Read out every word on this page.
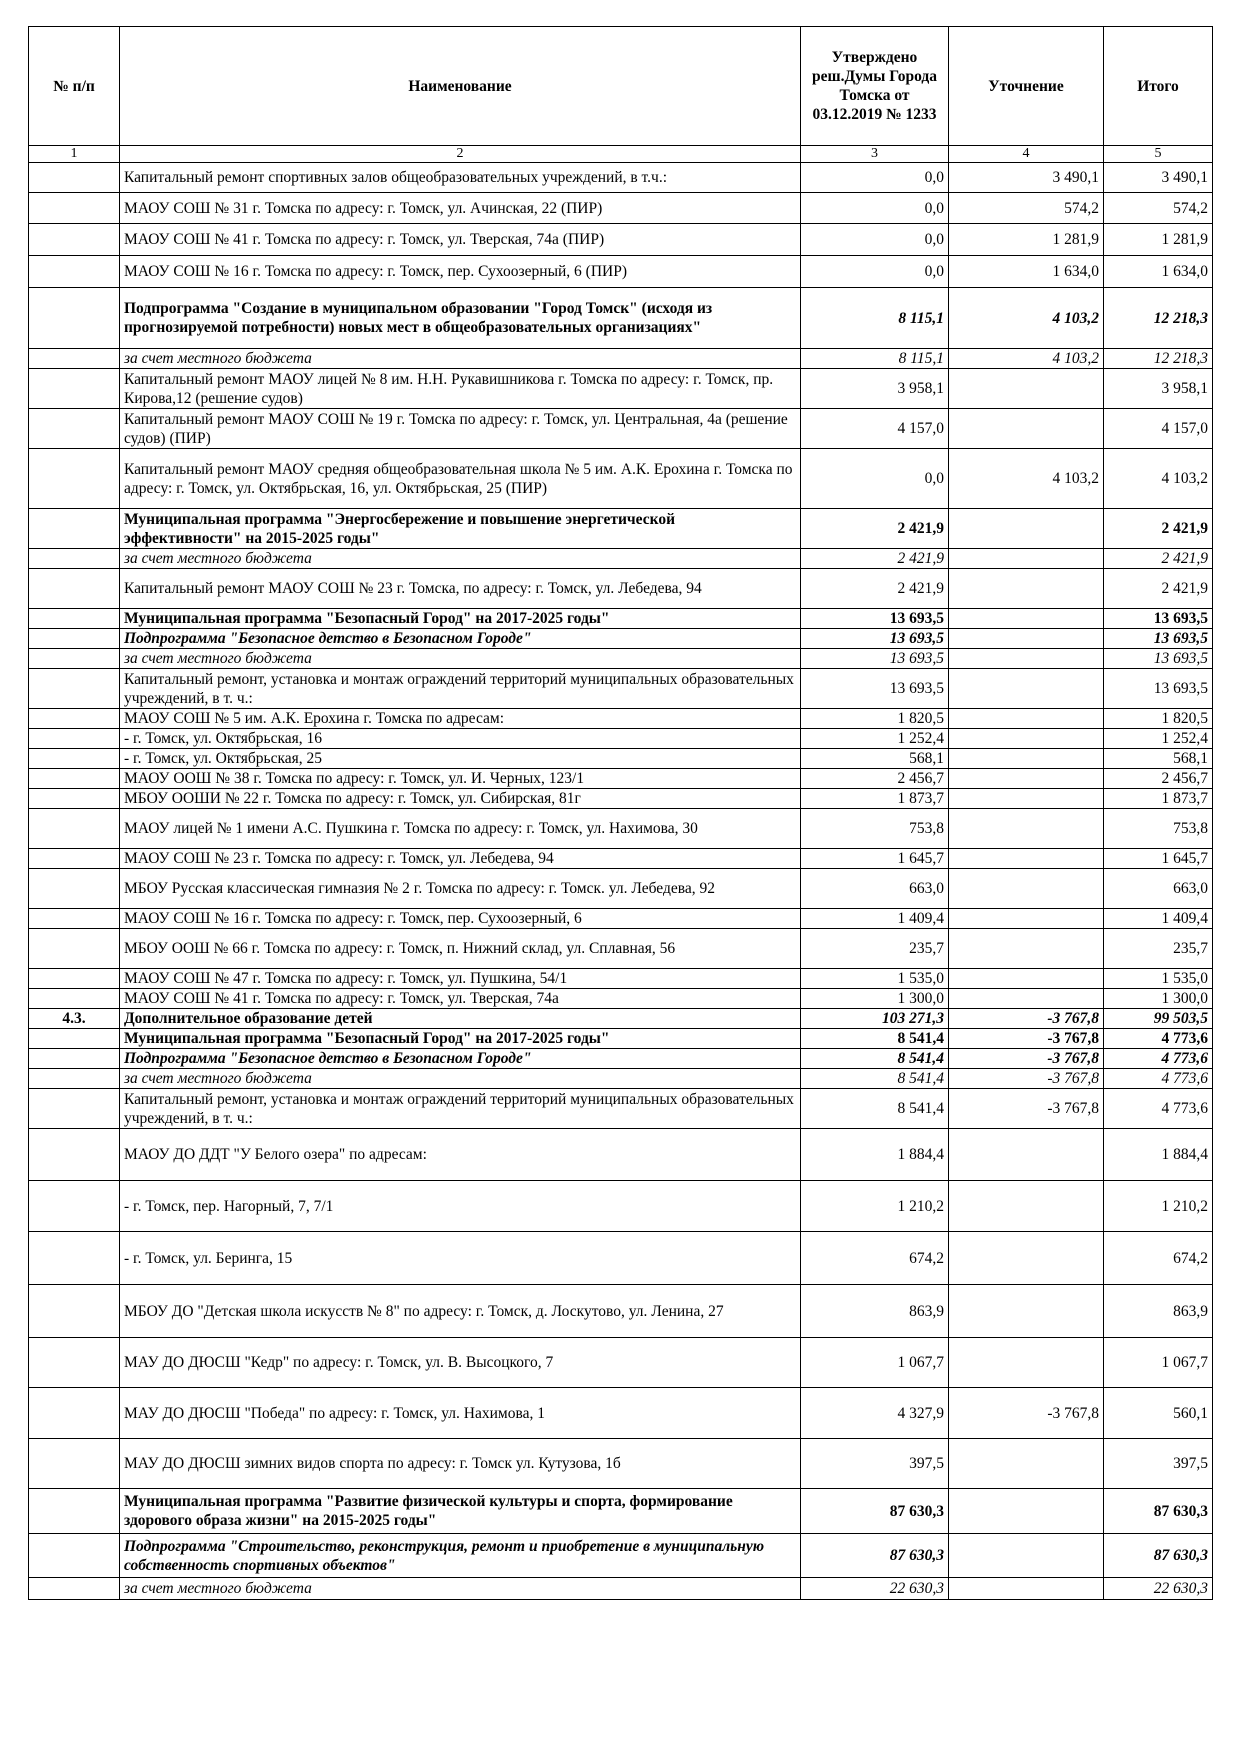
№ п/п	Наименование	Утверждено реш.Думы Города Томска от 03.12.2019 № 1233	Уточнение	Итого
1	2	3	4	5
	Капитальный ремонт спортивных залов общеобразовательных учреждений, в т.ч.:	0,0	3 490,1	3 490,1
	МАОУ СОШ № 31 г. Томска по адресу: г. Томск, ул. Ачинская, 22 (ПИР)	0,0	574,2	574,2
	МАОУ СОШ № 41 г. Томска по адресу: г. Томск, ул. Тверская, 74а (ПИР)	0,0	1 281,9	1 281,9
	МАОУ СОШ № 16 г. Томска по адресу: г. Томск, пер. Сухоозерный, 6 (ПИР)	0,0	1 634,0	1 634,0
	Подпрограмма "Создание в муниципальном образовании "Город Томск" (исходя из прогнозируемой потребности) новых мест в общеобразовательных организациях"	8 115,1	4 103,2	12 218,3
	за счет местного бюджета	8 115,1	4 103,2	12 218,3
	Капитальный ремонт МАОУ лицей № 8 им. Н.Н. Рукавишникова г. Томска по адресу: г. Томск, пр. Кирова,12 (решение судов)	3 958,1		3 958,1
	Капитальный ремонт МАОУ СОШ № 19 г. Томска по адресу: г. Томск, ул. Центральная, 4а (решение судов) (ПИР)	4 157,0		4 157,0
	Капитальный ремонт МАОУ средняя общеобразовательная школа № 5 им. А.К. Ерохина г. Томска по адресу: г. Томск, ул. Октябрьская, 16, ул. Октябрьская, 25 (ПИР)	0,0	4 103,2	4 103,2
	Муниципальная программа "Энергосбережение и повышение энергетической эффективности" на 2015-2025 годы"	2 421,9		2 421,9
	за счет местного бюджета	2 421,9		2 421,9
	Капитальный ремонт МАОУ СОШ № 23 г. Томска, по адресу: г. Томск, ул. Лебедева, 94	2 421,9		2 421,9
	Муниципальная программа "Безопасный Город" на 2017-2025 годы"	13 693,5		13 693,5
	Подпрограмма "Безопасное детство в Безопасном Городе"	13 693,5		13 693,5
	за счет местного бюджета	13 693,5		13 693,5
	Капитальный ремонт, установка и монтаж ограждений территорий муниципальных образовательных учреждений, в т. ч.:	13 693,5		13 693,5
	МАОУ СОШ № 5 им. А.К. Ерохина г. Томска по адресам:	1 820,5		1 820,5
	- г. Томск, ул. Октябрьская, 16	1 252,4		1 252,4
	- г. Томск, ул. Октябрьская, 25	568,1		568,1
	МАОУ ООШ № 38 г. Томска по адресу: г. Томск, ул. И. Черных, 123/1	2 456,7		2 456,7
	МБОУ ООШИ № 22 г. Томска по адресу: г. Томск, ул. Сибирская, 81г	1 873,7		1 873,7
	МАОУ лицей № 1 имени А.С. Пушкина г. Томска по адресу: г. Томск, ул. Нахимова, 30	753,8		753,8
	МАОУ СОШ № 23 г. Томска по адресу: г. Томск, ул. Лебедева, 94	1 645,7		1 645,7
	МБОУ Русская классическая гимназия № 2 г. Томска по адресу: г. Томск. ул. Лебедева, 92	663,0		663,0
	МАОУ СОШ № 16 г. Томска по адресу: г. Томск, пер. Сухоозерный, 6	1 409,4		1 409,4
	МБОУ ООШ № 66 г. Томска по адресу: г. Томск, п. Нижний склад, ул. Сплавная, 56	235,7		235,7
	МАОУ СОШ № 47 г. Томска по адресу: г. Томск, ул. Пушкина, 54/1	1 535,0		1 535,0
	МАОУ СОШ № 41 г. Томска по адресу: г. Томск, ул. Тверская, 74а	1 300,0		1 300,0
4.3.	Дополнительное образование детей	103 271,3	-3 767,8	99 503,5
	Муниципальная программа "Безопасный Город" на 2017-2025 годы"	8 541,4	-3 767,8	4 773,6
	Подпрограмма "Безопасное детство в Безопасном Городе"	8 541,4	-3 767,8	4 773,6
	за счет местного бюджета	8 541,4	-3 767,8	4 773,6
	Капитальный ремонт, установка и монтаж ограждений территорий муниципальных образовательных учреждений, в т. ч.:	8 541,4	-3 767,8	4 773,6
	МАОУ ДО ДДТ "У Белого озера" по адресам:	1 884,4		1 884,4
	- г. Томск, пер. Нагорный, 7, 7/1	1 210,2		1 210,2
	- г. Томск, ул. Беринга, 15	674,2		674,2
	МБОУ ДО "Детская школа искусств № 8" по адресу: г. Томск, д. Лоскутово, ул. Ленина, 27	863,9		863,9
	МАУ ДО ДЮСШ "Кедр" по адресу: г. Томск, ул. В. Высоцкого, 7	1 067,7		1 067,7
	МАУ ДО ДЮСШ "Победа" по адресу: г. Томск, ул. Нахимова, 1	4 327,9	-3 767,8	560,1
	МАУ ДО ДЮСШ зимних видов спорта по адресу: г. Томск ул. Кутузова, 1б	397,5		397,5
	Муниципальная программа "Развитие физической культуры и спорта, формирование здорового образа жизни" на 2015-2025 годы"	87 630,3		87 630,3
	Подпрограмма "Строительство, реконструкция, ремонт и приобретение в муниципальную собственность спортивных объектов"	87 630,3		87 630,3
	за счет местного бюджета	22 630,3		22 630,3
